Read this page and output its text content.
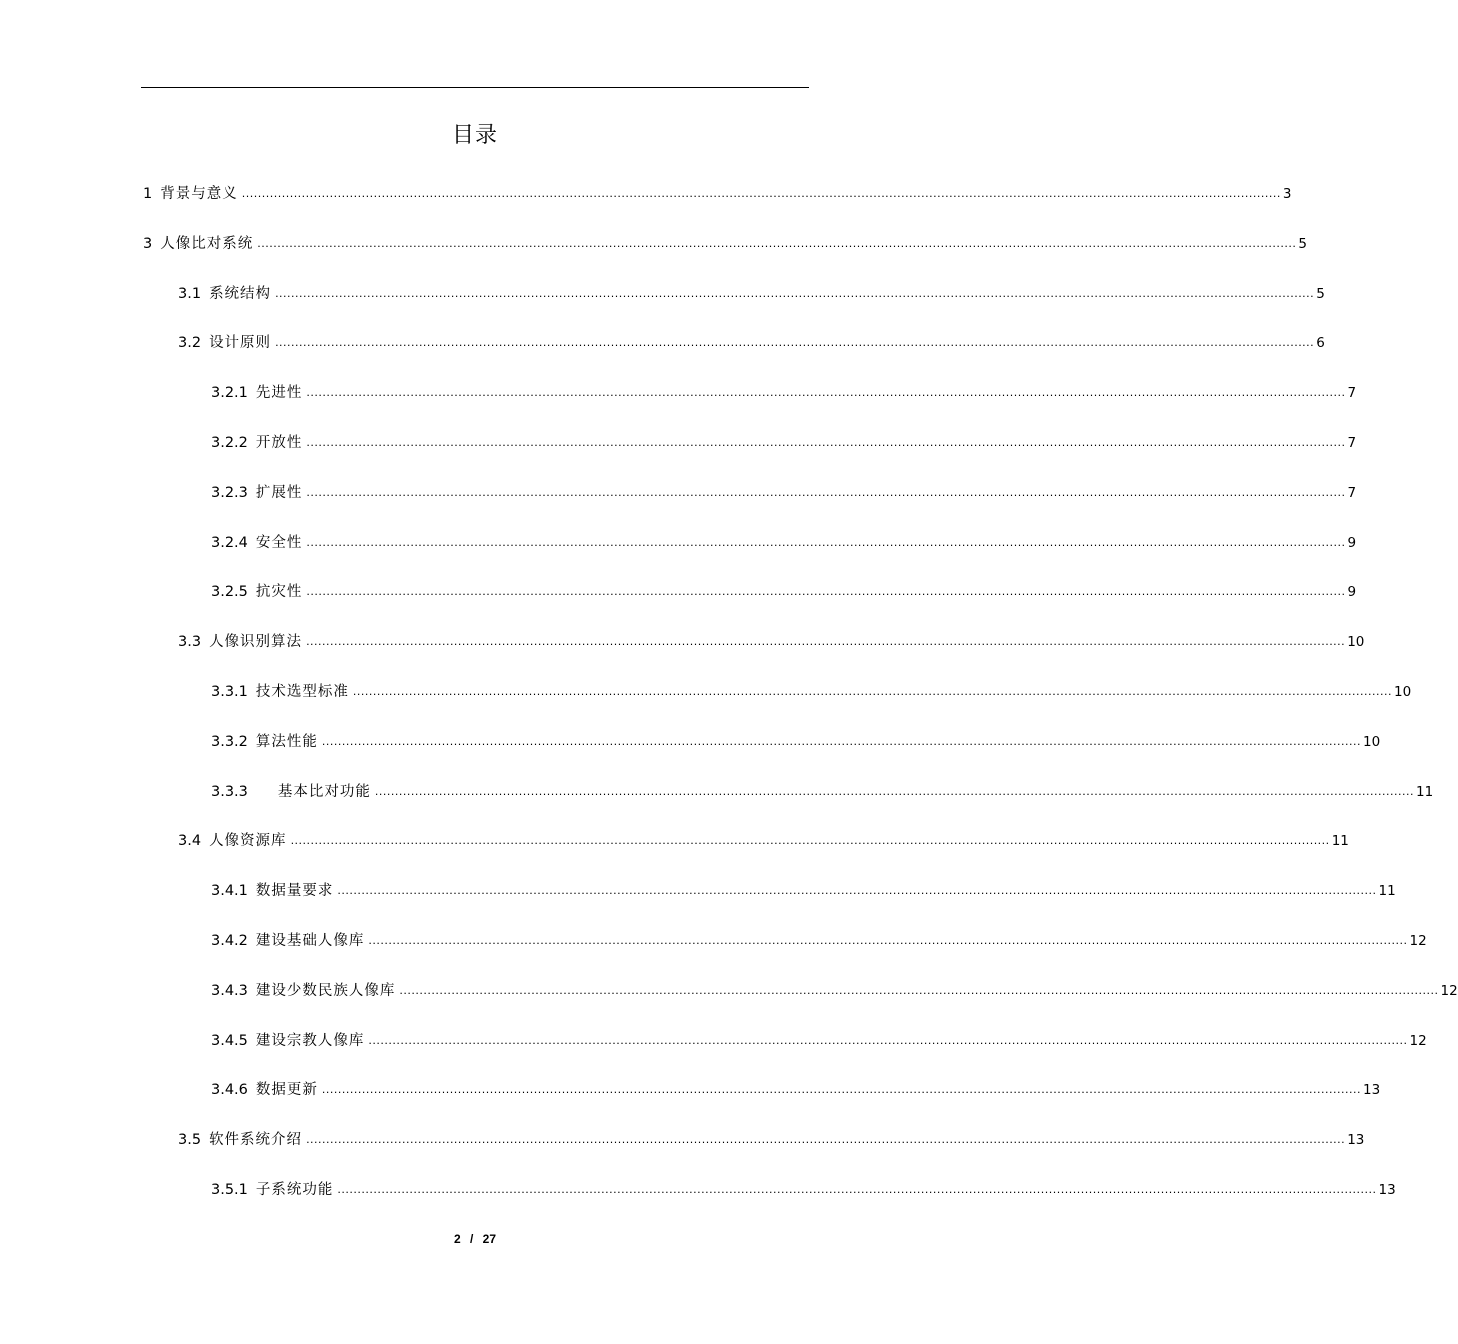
目录
1 背景与意义 .................................................................................................................................................................................................................................................................... 3
3 人像比对系统 .................................................................................................................................................................................................................................................................... 5
3.1 系统结构 .................................................................................................................................................................................................................................................................... 5
3.2 设计原则 .................................................................................................................................................................................................................................................................... 6
3.2.1 先进性 .................................................................................................................................................................................................................................................................... 7
3.2.2 开放性 .................................................................................................................................................................................................................................................................... 7
3.2.3 扩展性 .................................................................................................................................................................................................................................................................... 7
3.2.4 安全性 .................................................................................................................................................................................................................................................................... 9
3.2.5 抗灾性 .................................................................................................................................................................................................................................................................... 9
3.3 人像识别算法 .................................................................................................................................................................................................................................................................... 10
3.3.1 技术选型标准 .................................................................................................................................................................................................................................................................... 10
3.3.2 算法性能 .................................................................................................................................................................................................................................................................... 10
3.3.3 基本比对功能 .................................................................................................................................................................................................................................................................... 11
3.4 人像资源库 .................................................................................................................................................................................................................................................................... 11
3.4.1 数据量要求 .................................................................................................................................................................................................................................................................... 11
3.4.2 建设基础人像库 .................................................................................................................................................................................................................................................................... 12
3.4.3 建设少数民族人像库 .................................................................................................................................................................................................................................................................... 12
3.4.5 建设宗教人像库 .................................................................................................................................................................................................................................................................... 12
3.4.6 数据更新 .................................................................................................................................................................................................................................................................... 13
3.5 软件系统介绍 .................................................................................................................................................................................................................................................................... 13
3.5.1 子系统功能 .................................................................................................................................................................................................................................................................... 13
2 / 27
